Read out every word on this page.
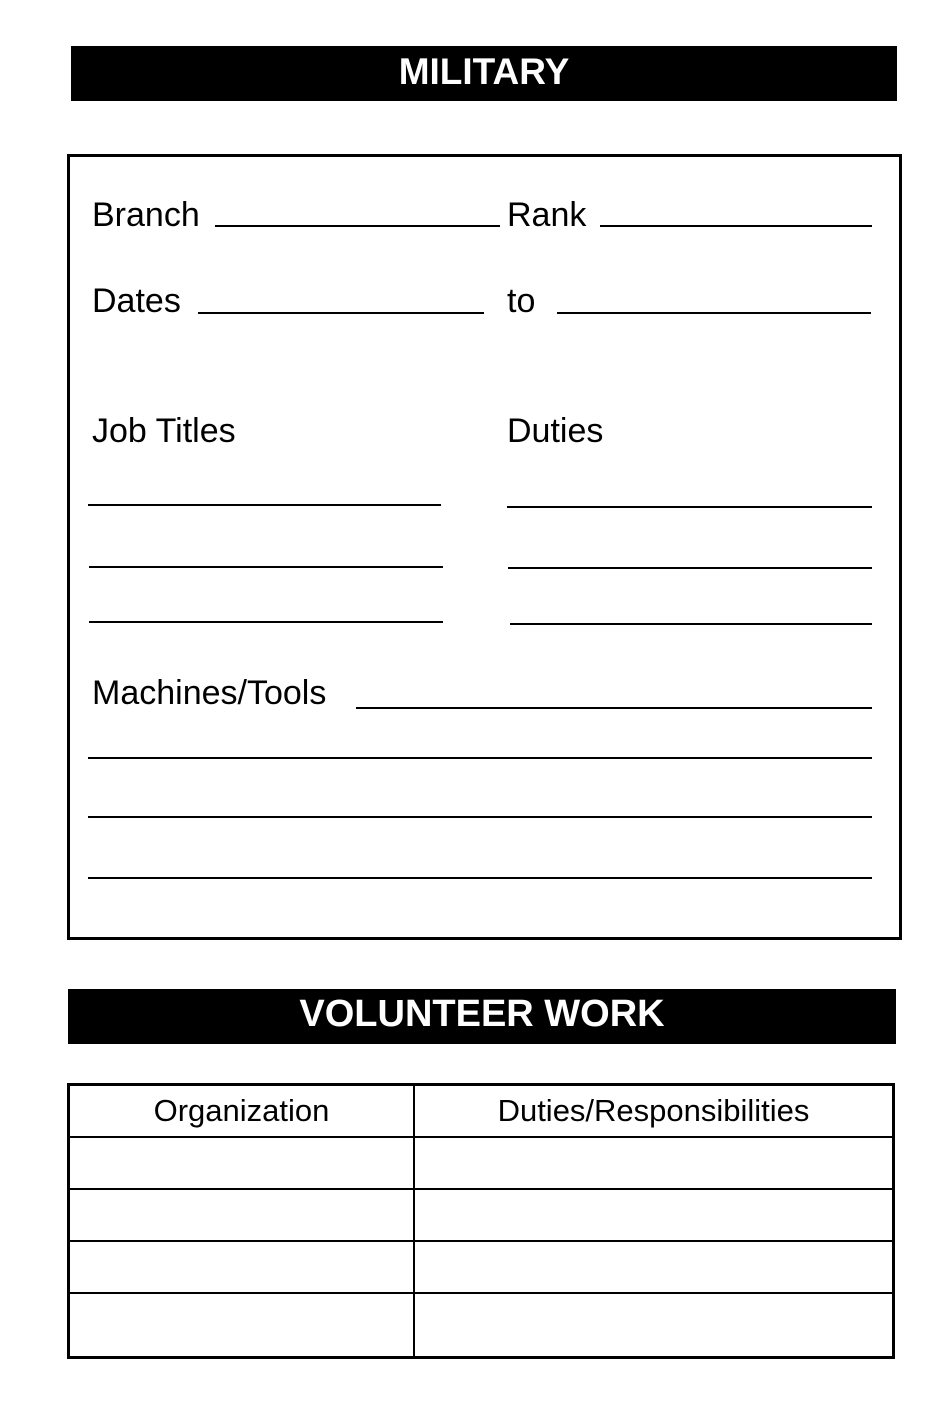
MILITARY
Branch	Rank
Dates	to
Job Titles	Duties
Machines/Tools
VOLUNTEER WORK
Organization	Duties/Responsibilities
